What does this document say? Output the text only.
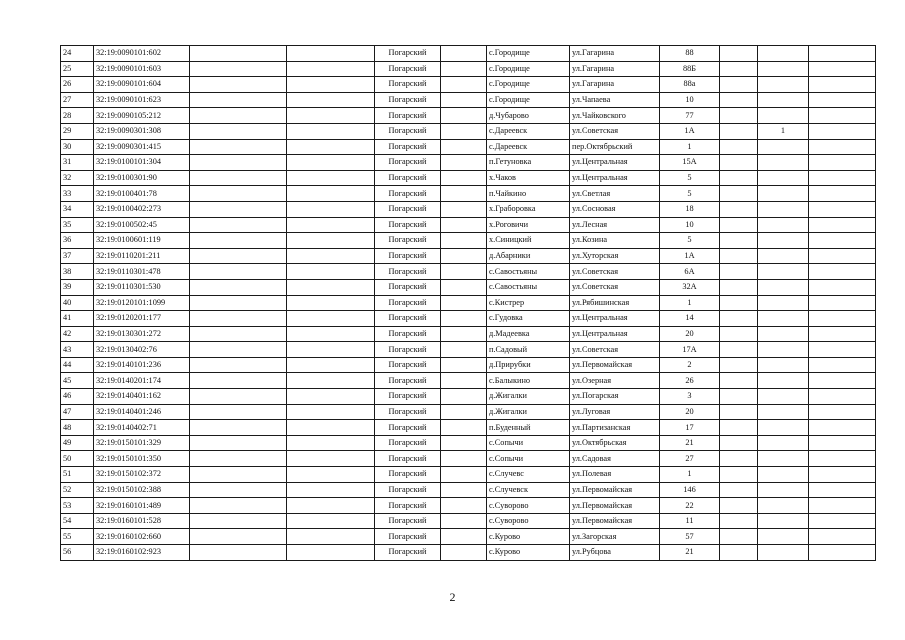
24	32:19:0090101:602			Погарский		с.Городище	ул.Гагарина	88			
25	32:19:0090101:603			Погарский		с.Городище	ул.Гагарина	88Б			
26	32:19:0090101:604			Погарский		с.Городище	ул.Гагарина	88а			
27	32:19:0090101:623			Погарский		с.Городище	ул.Чапаева	10			
28	32:19:0090105:212			Погарский		д.Чубарово	ул.Чайковского	77			
29	32:19:0090301:308			Погарский		с.Дареевск	ул.Советская	1А		1	
30	32:19:0090301:415			Погарский		с.Дареевск	пер.Октябрьский	1			
31	32:19:0100101:304			Погарский		п.Гетуновка	ул.Центральная	15А			
32	32:19:0100301:90			Погарский		х.Чаков	ул.Центральная	5			
33	32:19:0100401:78			Погарский		п.Чайкино	ул.Светлая	5			
34	32:19:0100402:273			Погарский		х.Граборовка	ул.Сосновая	18			
35	32:19:0100502:45			Погарский		х.Роговичи	ул.Лесная	10			
36	32:19:0100601:119			Погарский		х.Синицкий	ул.Козина	5			
37	32:19:0110201:211			Погарский		д.Абарники	ул.Хуторская	1А			
38	32:19:0110301:478			Погарский		с.Савостьяны	ул.Советская	6А			
39	32:19:0110301:530			Погарский		с.Савостьяны	ул.Советская	32А			
40	32:19:0120101:1099			Погарский		с.Кистрер	ул.Рябишинская	1			
41	32:19:0120201:177			Погарский		с.Гудовка	ул.Центральная	14			
42	32:19:0130301:272			Погарский		д.Мадеевка	ул.Центральная	20			
43	32:19:0130402:76			Погарский		п.Садовый	ул.Советская	17А			
44	32:19:0140101:236			Погарский		д.Прирубки	ул.Первомайская	2			
45	32:19:0140201:174			Погарский		с.Балыкино	ул.Озерная	26			
46	32:19:0140401:162			Погарский		д.Жигалки	ул.Погарская	3			
47	32:19:0140401:246			Погарский		д.Жигалки	ул.Луговая	20			
48	32:19:0140402:71			Погарский		п.Буденный	ул.Партизанская	17			
49	32:19:0150101:329			Погарский		с.Сопычи	ул.Октябрьская	21			
50	32:19:0150101:350			Погарский		с.Сопычи	ул.Садовая	27			
51	32:19:0150102:372			Погарский		с.Случевс	ул.Полевая	1			
52	32:19:0150102:388			Погарский		с.Случевск	ул.Первомайская	146			
53	32:19:0160101:489			Погарский		с.Суворово	ул.Первомайская	22			
54	32:19:0160101:528			Погарский		с.Суворово	ул.Первомайская	11			
55	32:19:0160102:660			Погарский		с.Курово	ул.Загорская	57			
56	32:19:0160102:923			Погарский		с.Курово	ул.Рубцова	21			
2
